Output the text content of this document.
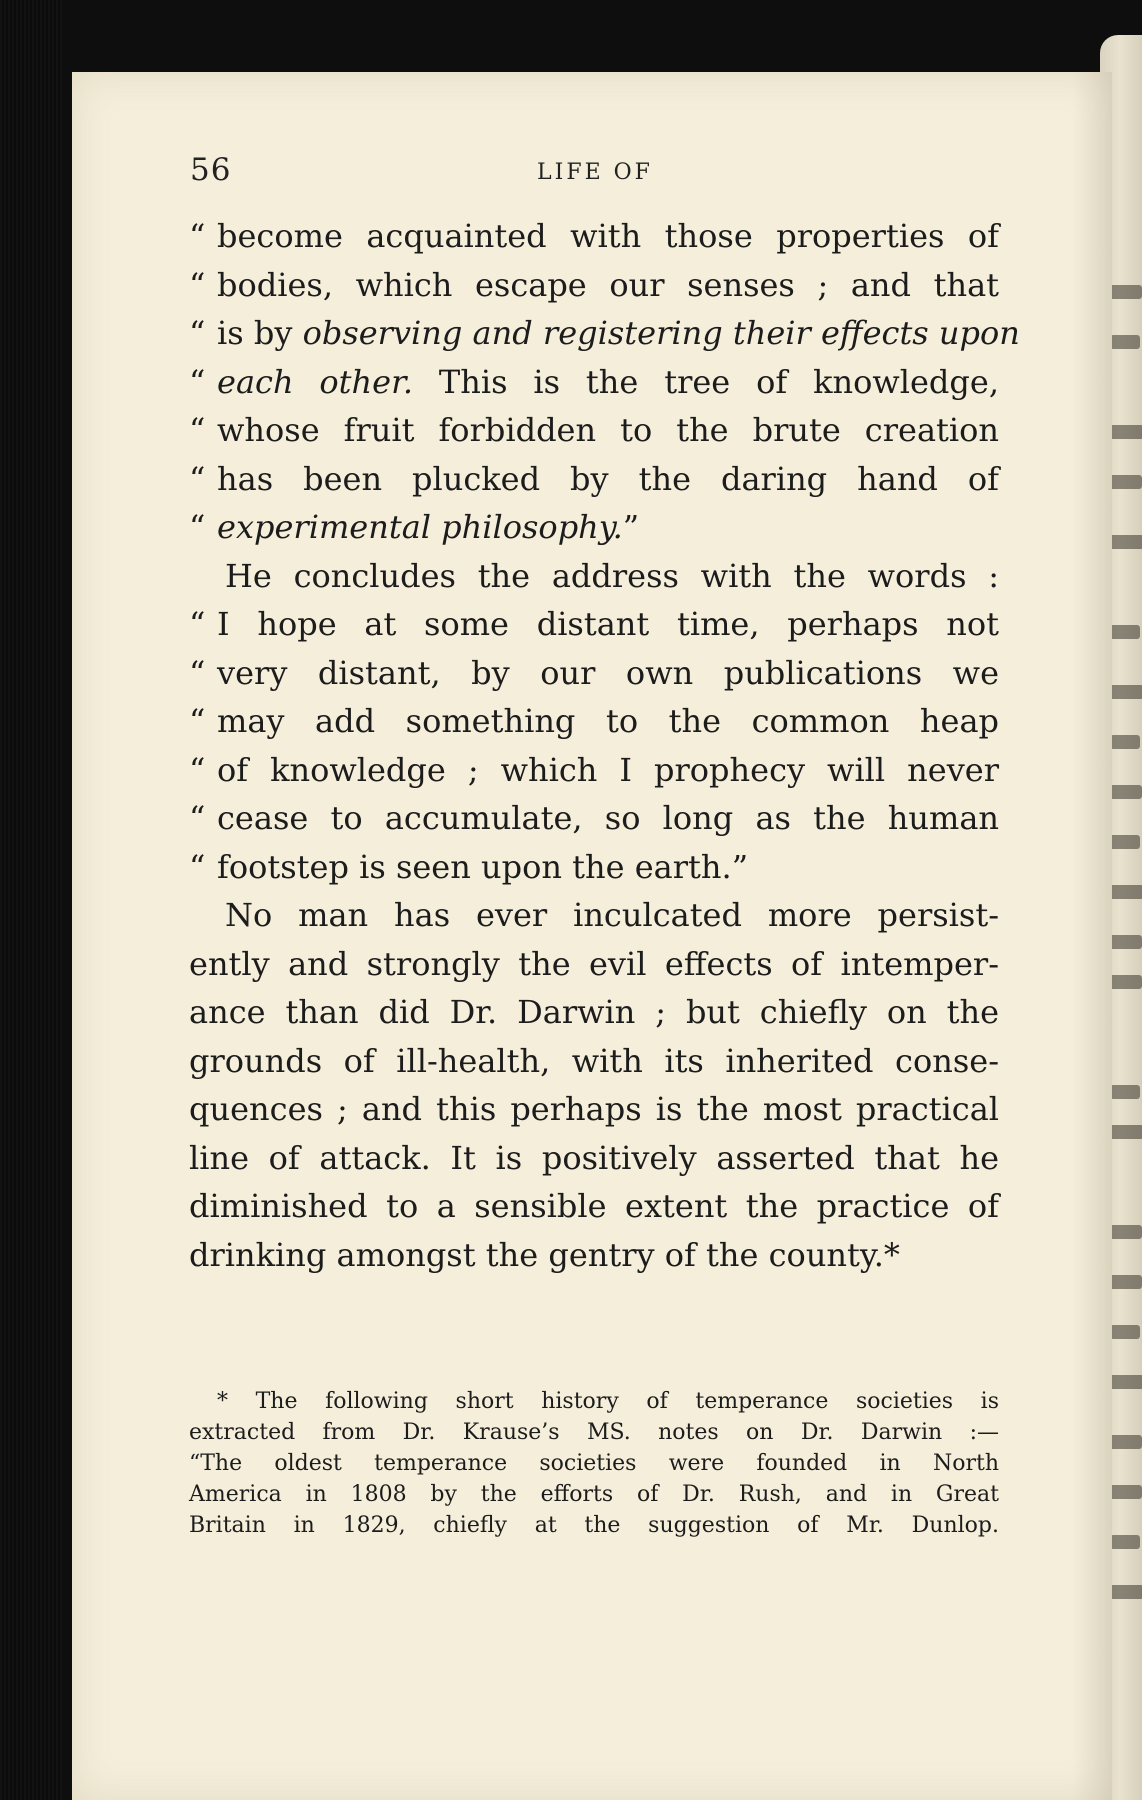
56	LIFE OF
“ become acquainted with those properties of
“ bodies, which escape our senses ; and that
“ is by observing and registering their effects upon
“ each other. This is the tree of knowledge,
“ whose fruit forbidden to the brute creation
“ has been plucked by the daring hand of
“ experimental philosophy.”
He concludes the address with the words :
“ I hope at some distant time, perhaps not
“ very distant, by our own publications we
“ may add something to the common heap
“ of knowledge ; which I prophecy will never
“ cease to accumulate, so long as the human
“ footstep is seen upon the earth.”
No man has ever inculcated more persist-
ently and strongly the evil effects of intemper-
ance than did Dr. Darwin ; but chiefly on the
grounds of ill-health, with its inherited conse-
quences ; and this perhaps is the most practical
line of attack. It is positively asserted that he
diminished to a sensible extent the practice of
drinking amongst the gentry of the county.*
* The following short history of temperance societies is
extracted from Dr. Krause’s MS. notes on Dr. Darwin :—
“The oldest temperance societies were founded in North
America in 1808 by the efforts of Dr. Rush, and in Great
Britain in 1829, chiefly at the suggestion of Mr. Dunlop.
